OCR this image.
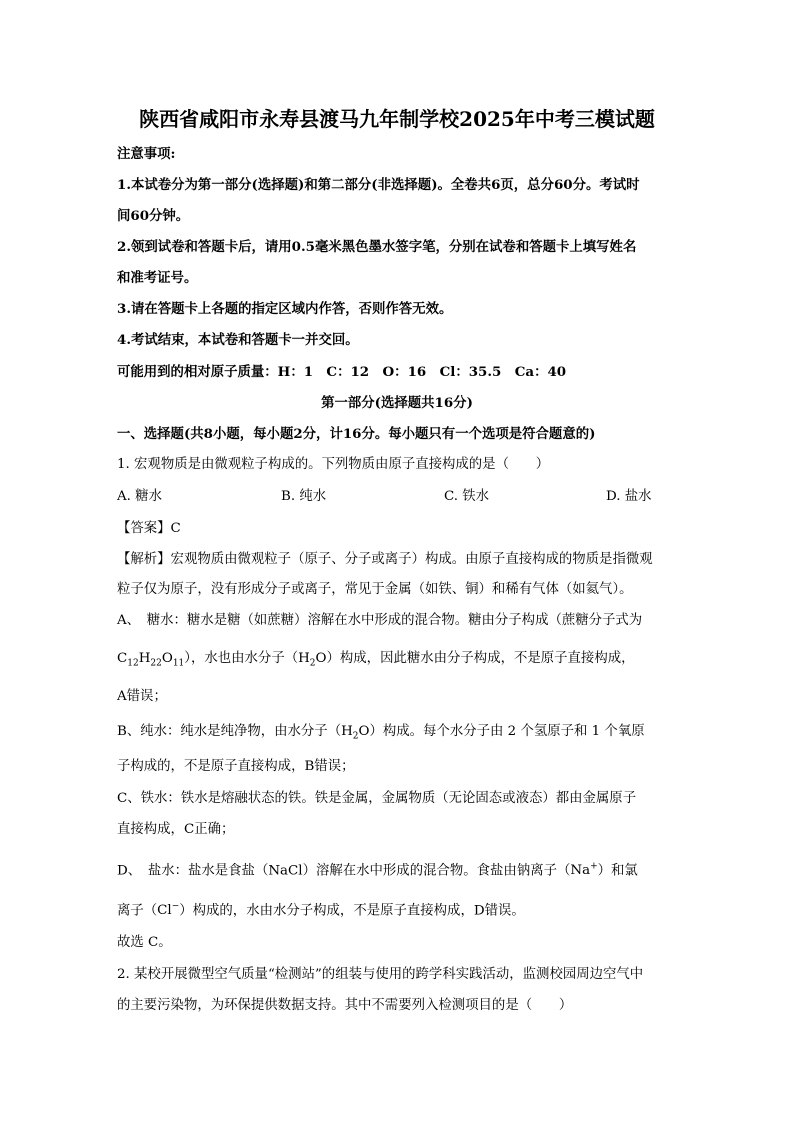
陕西省咸阳市永寿县渡马九年制学校2025年中考三模试题
注意事项:
1.本试卷分为第一部分(选择题)和第二部分(非选择题)。全卷共6页，总分60分。考试时
间60分钟。
2.领到试卷和答题卡后，请用0.5毫米黑色墨水签字笔，分别在试卷和答题卡上填写姓名
和准考证号。
3.请在答题卡上各题的指定区域内作答，否则作答无效。
4.考试结束，本试卷和答题卡一并交回。
可能用到的相对原子质量：H：1　C：12　O：16　Cl：35.5　Ca：40
第一部分(选择题共16分)
一、选择题(共8小题，每小题2分，计16分。每小题只有一个选项是符合题意的)
1. 宏观物质是由微观粒子构成的。下列物质由原子直接构成的是（　　）
A. 糖水	B. 纯水	C. 铁水	D. 盐水
【答案】C
【解析】宏观物质由微观粒子（原子、分子或离子）构成。由原子直接构成的物质是指微观
粒子仅为原子，没有形成分子或离子，常见于金属（如铁、铜）和稀有气体（如氦气）。
A、　糖水：糖水是糖（如蔗糖）溶解在水中形成的混合物。糖由分子构成（蔗糖分子式为
$C_{12}H_{22}O_{11}$），水也由水分子$(H_2O)$构成，因此糖水由分子构成，不是原子直接构成，
A错误；
B、纯水：纯水是纯净物，由水分子$(H_2O)$构成。每个水分子由 2 个氢原子和 1 个氧原
子构成的，不是原子直接构成，B错误；
C、铁水：铁水是熔融状态的铁。铁是金属，金属物质（无论固态或液态）都由金属原子
直接构成，C正确；
D、　盐水：盐水是食盐（NaCl）溶解在水中形成的混合物。食盐由钠离子（Na+）和氯
离子（Cl−）构成的，水由水分子构成，不是原子直接构成，D错误。
故选 C。
2. 某校开展微型空气质量“检测站”的组装与使用的跨学科实践活动，监测校园周边空气中
的主要污染物，为环保提供数据支持。其中不需要列入检测项目的是（　　）
